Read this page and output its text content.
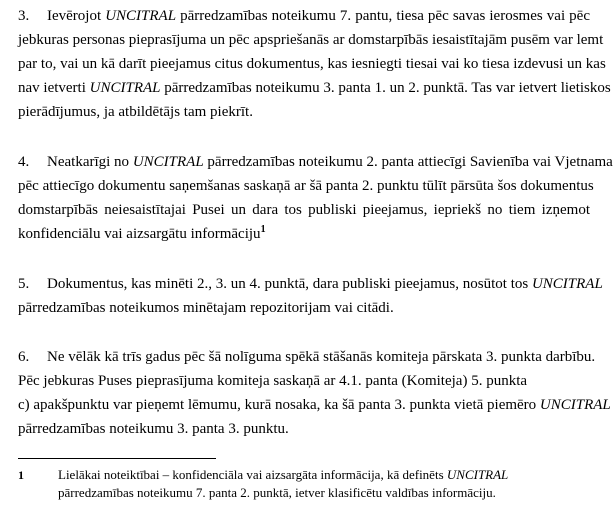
3. Ievērojot UNCITRAL pārredzamības noteikumu 7. pantu, tiesa pēc savas ierosmes vai pēc
jebkuras personas pieprasījuma un pēc apspriešanās ar domstarpībās iesaistītajām pusēm var lemt
par to, vai un kā darīt pieejamus citus dokumentus, kas iesniegti tiesai vai ko tiesa izdevusi un kas
nav ietverti UNCITRAL pārredzamības noteikumu 3. panta 1. un 2. punktā. Tas var ietvert lietiskos
pierādījumus, ja atbildētājs tam piekrīt.
4. Neatkarīgi no UNCITRAL pārredzamības noteikumu 2. panta attiecīgi Savienība vai Vjetnama
pēc attiecīgo dokumentu saņemšanas saskaņā ar šā panta 2. punktu tūlīt pārsūta šos dokumentus
domstarpībās neiesaistītajai Pusei un dara tos publiski pieejamus, iepriekš no tiem izņemot
konfidenciālu vai aizsargātu informāciju$^1$
5. Dokumentus, kas minēti 2., 3. un 4. punktā, dara publiski pieejamus, nosūtot tos UNCITRAL
pārredzamības noteikumos minētajam repozitorijam vai citādi.
6. Ne vēlāk kā trīs gadus pēc šā nolīguma spēkā stāšanās komiteja pārskata 3. punkta darbību.
Pēc jebkuras Puses pieprasījuma komiteja saskaņā ar 4.1. panta (Komiteja) 5. punkta
c) apakšpunktu var pieņemt lēmumu, kurā nosaka, ka šā panta 3. punkta vietā piemēro UNCITRAL
pārredzamības noteikumu 3. panta 3. punktu.
1	Lielākai noteiktībai – konfidenciāla vai aizsargāta informācija, kā definēts UNCITRAL
pārredzamības noteikumu 7. panta 2. punktā, ietver klasificētu valdības informāciju.
